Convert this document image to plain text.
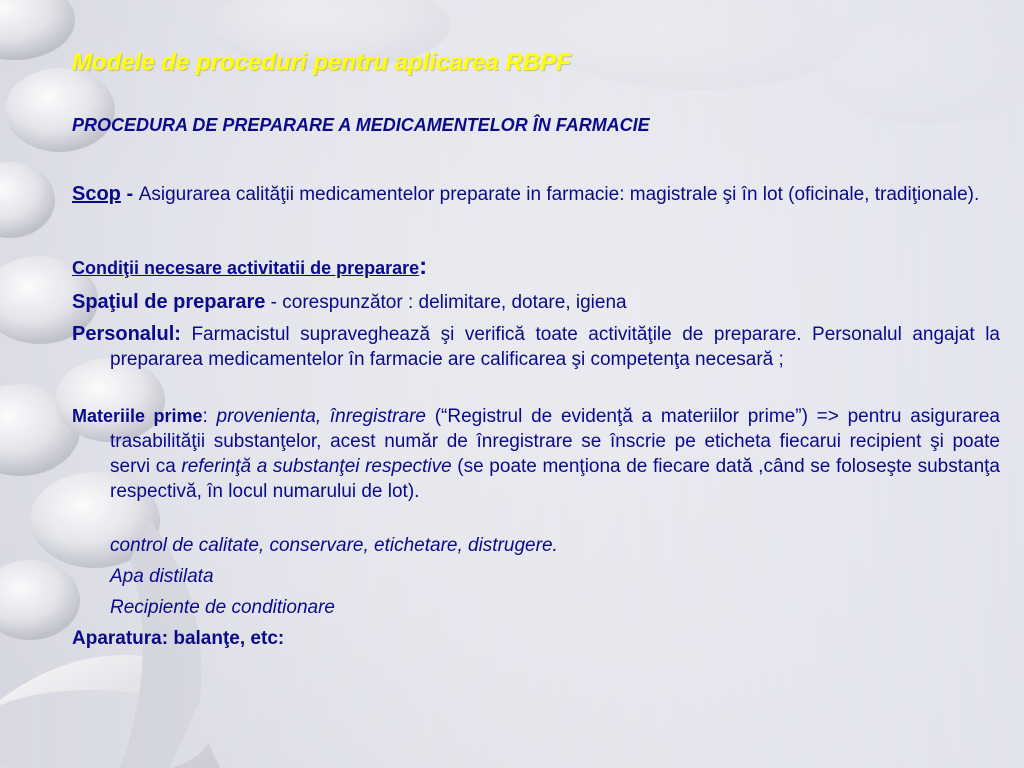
Modele de proceduri pentru aplicarea RBPF
PROCEDURA DE PREPARARE A MEDICAMENTELOR ÎN FARMACIE
Scop - Asigurarea calităţii medicamentelor preparate in farmacie: magistrale şi în lot (oficinale, tradiţionale).
Condiţii necesare activitatii de preparare:
Spaţiul de preparare - corespunzător : delimitare, dotare, igiena
Personalul: Farmacistul supraveghează şi verifică toate activităţile de preparare. Personalul angajat la prepararea medicamentelor în farmacie are calificarea şi competenţa necesară ;
Materiile prime: provenienta, înregistrare (“Registrul de evidenţă a materiilor prime”) => pentru asigurarea trasabilităţii substanţelor, acest număr de înregistrare se înscrie pe eticheta fiecarui recipient şi poate servi ca referinţă a substanţei respective (se poate menţiona de fiecare dată ,când se foloseşte substanţa respectivă, în locul numarului de lot).
control de calitate, conservare, etichetare, distrugere.
Apa distilata
Recipiente de conditionare
Aparatura: balanţe, etc:
